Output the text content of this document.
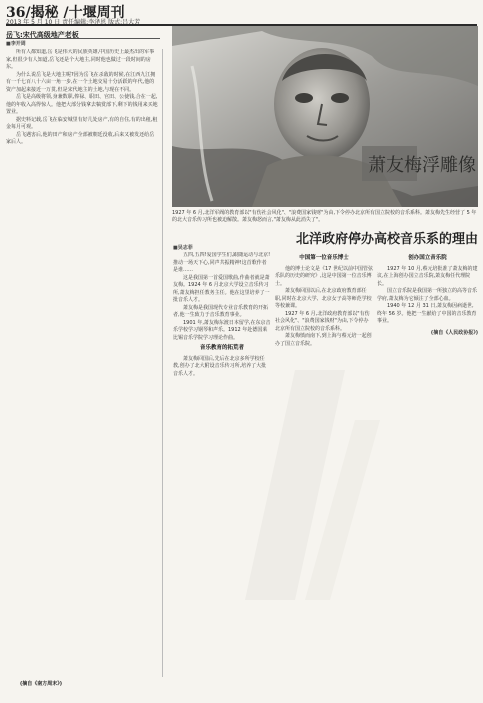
36/揭秘 /十堰周刊
2013 年 5 月 10 日 责任编辑:李泽恩 版式:吕大芳
岳飞:宋代高级地产老板
■李开周

所有人都知道,岳飞是伟大的民族英雄,中国历史上最杰出的军事家,但很少有人知道,岳飞还是个大地主,同时他也做过一段时间的房东。

为什么说岳飞是大地主呢?因为岳飞在杀敌的时候,在江西九江拥有一千七百八十六亩一角一步,在一个土地交易十分活跃的年代,他的资产加起来接近一万贯,但是宋代地主的土地,与现在不同。

岳飞是高级将领,身兼数职,俸禄、职田、官田、公使钱,合在一起,他的年收入高得惊人。他把大部分钱拿去犒赏部下,剩下的钱用来买地置业。

据史料记载,岳飞在临安城里有好几处房产,有的自住,有的出租,租金每月可观。

岳飞遇害后,他的田产和房产全部被朝廷没收,后来又被发还给岳家后人。

(摘自《南方周末》)
萧友梅浮雕像
1927 年 6 月,北洋军阀的教育部以"有伤社会风化"、"浪费国家钱财"为由,下令停办北京所有国立院校的音乐系科。萧友梅先生经营了 5 年的北大音乐传习所也被迫解散。萧友梅怒而言,"萧友梅从此消失了"。
北洋政府停办高校音乐系的理由
■吴志菲

五四,五四!爱国学生们,跟随运动与北京!推动一场天下心,同声共振精神!这首歌作者是谁……

这是我国第一首爱国歌曲,作曲者就是萧友梅。1924 年 6 月北京大学设立音乐传习所,萧友梅担任教务主任。他在这里培养了一批音乐人才。

萧友梅是我国现代专业音乐教育的开拓者,他一生致力于音乐教育事业。

1901 年,萧友梅东渡日本留学,在东京音乐学校学习钢琴和声乐。1912 年赴德国莱比锡音乐学院学习理论作曲。

音乐教育的拓荒者

萧友梅回国后,先后在北京多所学校任教,创办了北大附设音乐传习所,培养了大批音乐人才。

中国第一位音乐博士

他的博士论文是《17 世纪以前中国管弦乐队的历史的研究》,这是中国第一位音乐博士。

萧友梅回国以后,在北京政府教育部任职,同时在北京大学、北京女子高等师范学校等校兼课。

1927 年 6 月,北洋政府教育部以"有伤社会风化"、"浪费国家钱财"为由,下令停办北京所有国立院校的音乐系科。

萧友梅愤而南下,到上海与蔡元培一起创办了国立音乐院。

创办国立音乐院

1927 年 10 月,蔡元培批准了萧友梅的建议,在上海创办国立音乐院,萧友梅任代理院长。

国立音乐院是我国第一所独立的高等音乐学府,萧友梅为它倾注了全部心血。

1940 年 12 月 31 日,萧友梅因病逝世,终年 56 岁。他把一生献给了中国的音乐教育事业。

(摘自《人民政协报》)
